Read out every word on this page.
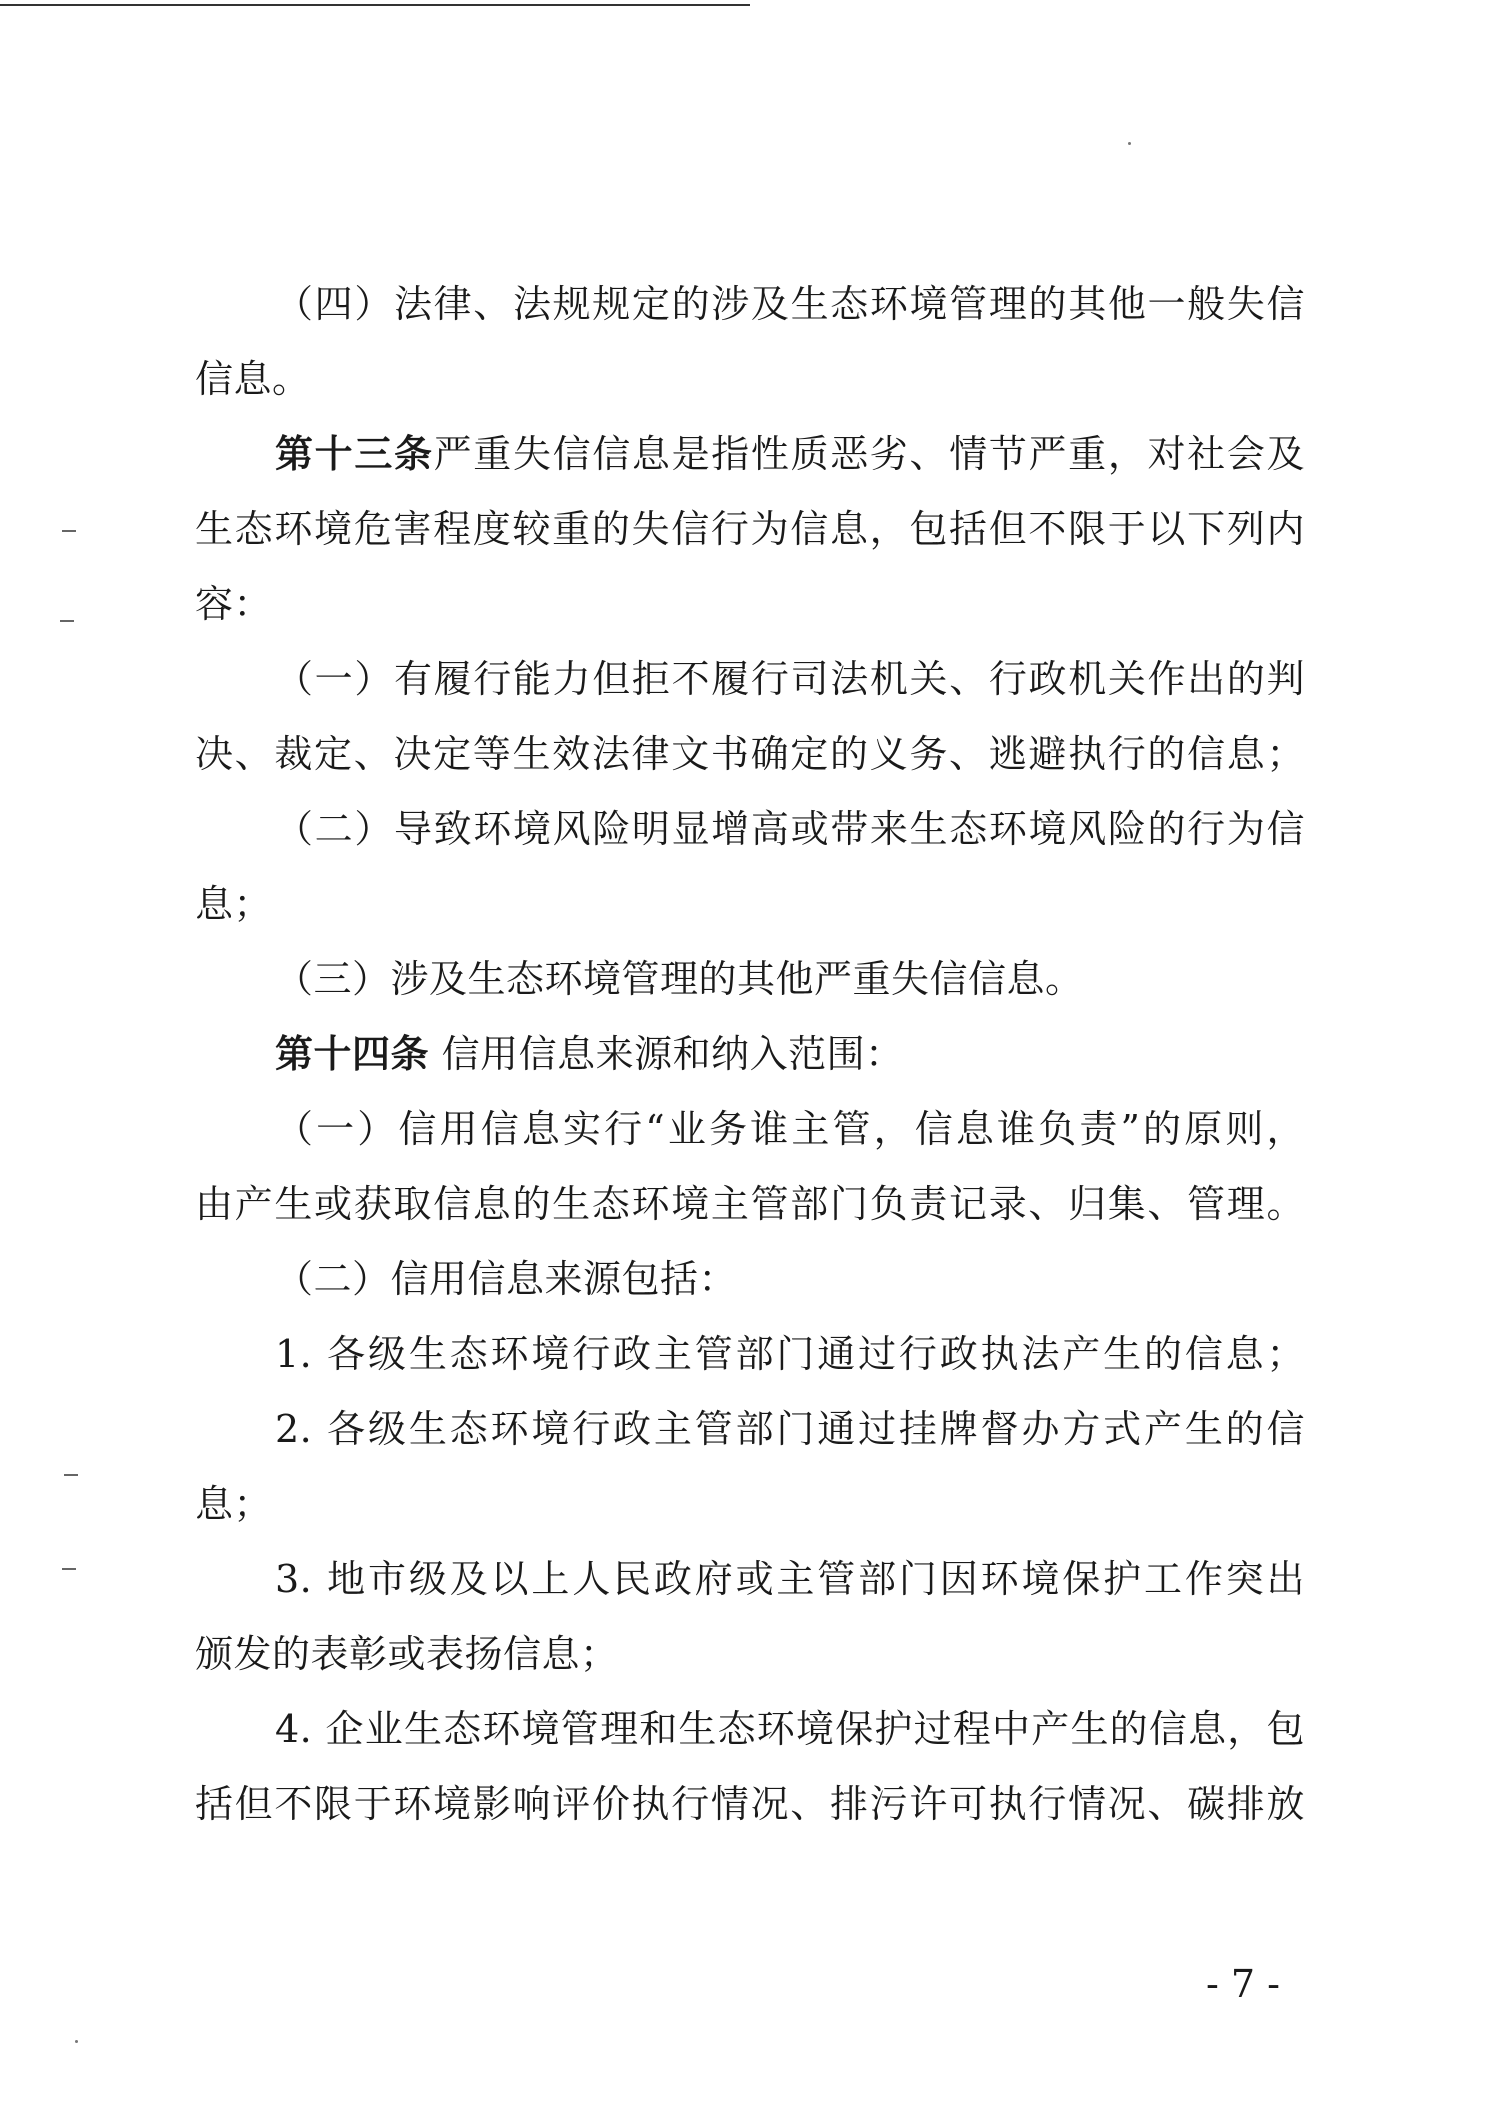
（四）法律、法规规定的涉及生态环境管理的其他一般失信
信息。
第十三条严重失信信息是指性质恶劣、情节严重，对社会及
生态环境危害程度较重的失信行为信息，包括但不限于以下列内
容：
（一）有履行能力但拒不履行司法机关、行政机关作出的判
决、裁定、决定等生效法律文书确定的义务、逃避执行的信息；
（二）导致环境风险明显增高或带来生态环境风险的行为信
息；
（三）涉及生态环境管理的其他严重失信信息。
第十四条 信用信息来源和纳入范围：
（一）信用信息实行“业务谁主管，信息谁负责”的原则，
由产生或获取信息的生态环境主管部门负责记录、归集、管理。
（二）信用信息来源包括：
1. 各级生态环境行政主管部门通过行政执法产生的信息；
2. 各级生态环境行政主管部门通过挂牌督办方式产生的信
息；
3. 地市级及以上人民政府或主管部门因环境保护工作突出
颁发的表彰或表扬信息；
4. 企业生态环境管理和生态环境保护过程中产生的信息，包
括但不限于环境影响评价执行情况、排污许可执行情况、碳排放
- 7 -
